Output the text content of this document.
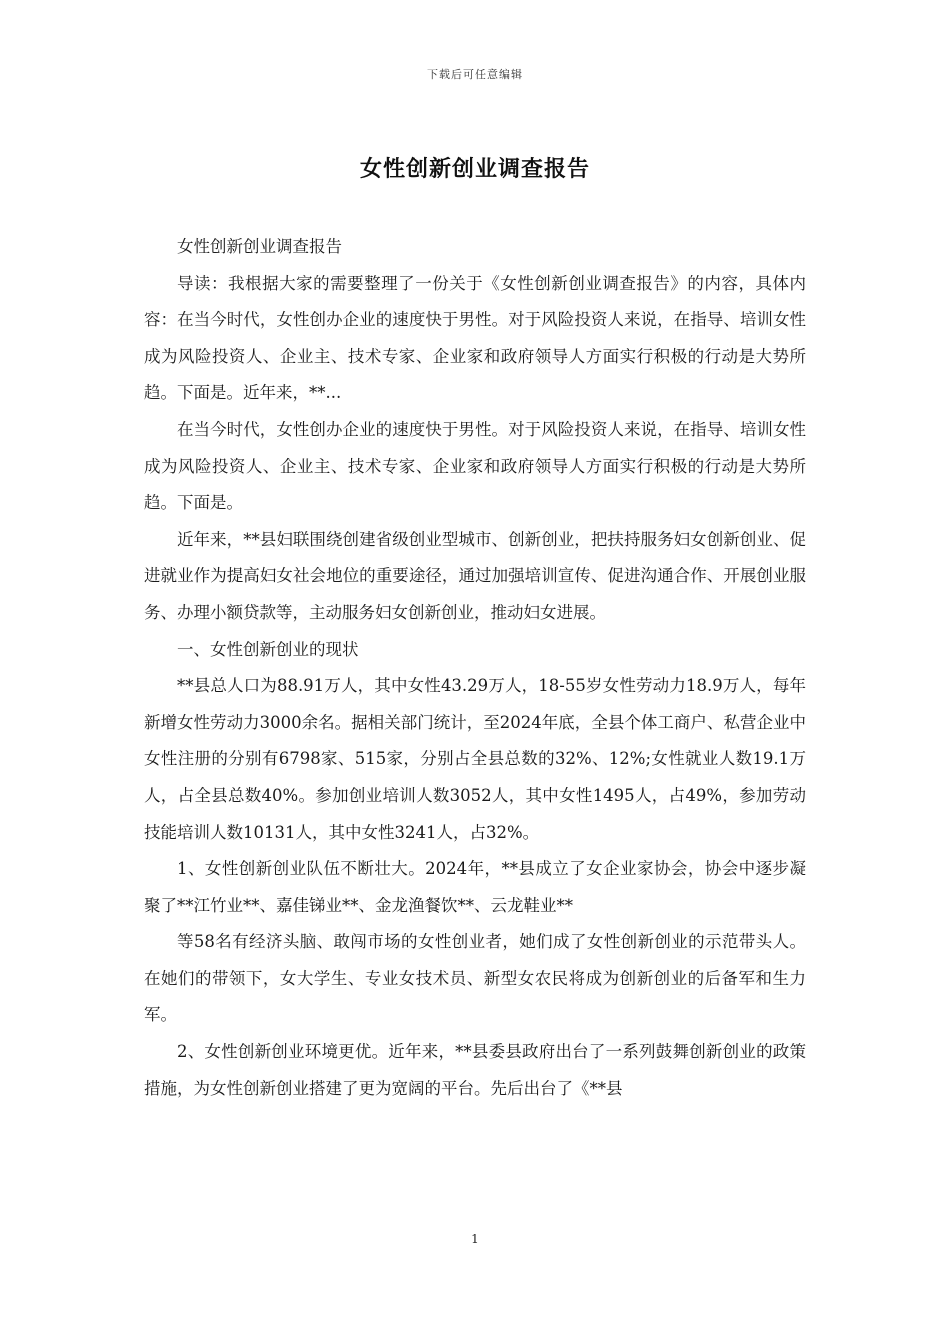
下载后可任意编辑
女性创新创业调查报告

女性创新创业调查报告

导读：我根据大家的需要整理了一份关于《女性创新创业调查报告》的内容，具体内容：在当今时代，女性创办企业的速度快于男性。对于风险投资人来说，在指导、培训女性成为风险投资人、企业主、技术专家、企业家和政府领导人方面实行积极的行动是大势所趋。下面是。近年来，**...

在当今时代，女性创办企业的速度快于男性。对于风险投资人来说，在指导、培训女性成为风险投资人、企业主、技术专家、企业家和政府领导人方面实行积极的行动是大势所趋。下面是。

近年来，**县妇联围绕创建省级创业型城市、创新创业，把扶持服务妇女创新创业、促进就业作为提高妇女社会地位的重要途径，通过加强培训宣传、促进沟通合作、开展创业服务、办理小额贷款等，主动服务妇女创新创业，推动妇女进展。

一、女性创新创业的现状

**县总人口为88.91万人，其中女性43.29万人，18-55岁女性劳动力18.9万人，每年新增女性劳动力3000余名。据相关部门统计，至2024年底，全县个体工商户、私营企业中女性注册的分别有6798家、515家，分别占全县总数的32%、12%;女性就业人数19.1万人，占全县总数40%。参加创业培训人数3052人，其中女性1495人，占49%，参加劳动技能培训人数10131人，其中女性3241人，占32%。

1、女性创新创业队伍不断壮大。2024年，**县成立了女企业家协会，协会中逐步凝聚了**江竹业**、嘉佳锑业**、金龙渔餐饮**、云龙鞋业**

等58名有经济头脑、敢闯市场的女性创业者，她们成了女性创新创业的示范带头人。在她们的带领下，女大学生、专业女技术员、新型女农民将成为创新创业的后备军和生力军。

2、女性创新创业环境更优。近年来，**县委县政府出台了一系列鼓舞创新创业的政策措施，为女性创新创业搭建了更为宽阔的平台。先后出台了《**县

1
